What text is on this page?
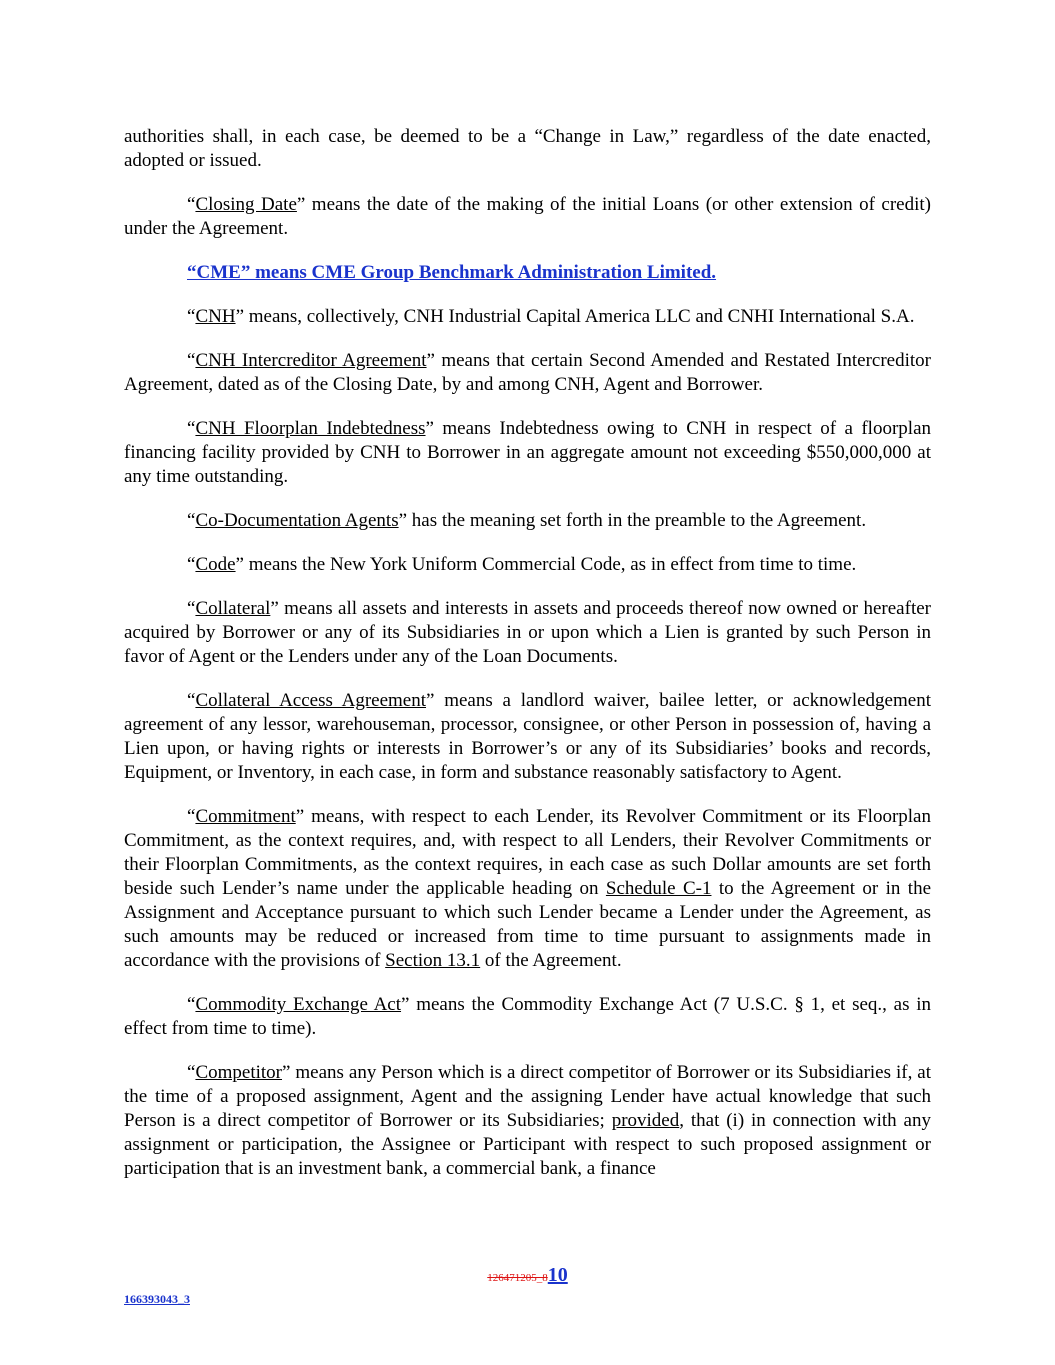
authorities shall, in each case, be deemed to be a “Change in Law,” regardless of the date enacted, adopted or issued.

“Closing Date” means the date of the making of the initial Loans (or other extension of credit) under the Agreement.

“CME” means CME Group Benchmark Administration Limited.

“CNH” means, collectively, CNH Industrial Capital America LLC and CNHI International S.A.

“CNH Intercreditor Agreement” means that certain Second Amended and Restated Intercreditor Agreement, dated as of the Closing Date, by and among CNH, Agent and Borrower.

“CNH Floorplan Indebtedness” means Indebtedness owing to CNH in respect of a floorplan financing facility provided by CNH to Borrower in an aggregate amount not exceeding $550,000,000 at any time outstanding.

“Co-Documentation Agents” has the meaning set forth in the preamble to the Agreement.

“Code” means the New York Uniform Commercial Code, as in effect from time to time.

“Collateral” means all assets and interests in assets and proceeds thereof now owned or hereafter acquired by Borrower or any of its Subsidiaries in or upon which a Lien is granted by such Person in favor of Agent or the Lenders under any of the Loan Documents.

“Collateral Access Agreement” means a landlord waiver, bailee letter, or acknowledgement agreement of any lessor, warehouseman, processor, consignee, or other Person in possession of, having a Lien upon, or having rights or interests in Borrower’s or any of its Subsidiaries’ books and records, Equipment, or Inventory, in each case, in form and substance reasonably satisfactory to Agent.

“Commitment” means, with respect to each Lender, its Revolver Commitment or its Floorplan Commitment, as the context requires, and, with respect to all Lenders, their Revolver Commitments or their Floorplan Commitments, as the context requires, in each case as such Dollar amounts are set forth beside such Lender’s name under the applicable heading on Schedule C-1 to the Agreement or in the Assignment and Acceptance pursuant to which such Lender became a Lender under the Agreement, as such amounts may be reduced or increased from time to time pursuant to assignments made in accordance with the provisions of Section 13.1 of the Agreement.

“Commodity Exchange Act” means the Commodity Exchange Act (7 U.S.C. § 1, et seq., as in effect from time to time).

“Competitor” means any Person which is a direct competitor of Borrower or its Subsidiaries if, at the time of a proposed assignment, Agent and the assigning Lender have actual knowledge that such Person is a direct competitor of Borrower or its Subsidiaries; provided, that (i) in connection with any assignment or participation, the Assignee or Participant with respect to such proposed assignment or participation that is an investment bank, a commercial bank, a finance

126471205_810
166393043_3
